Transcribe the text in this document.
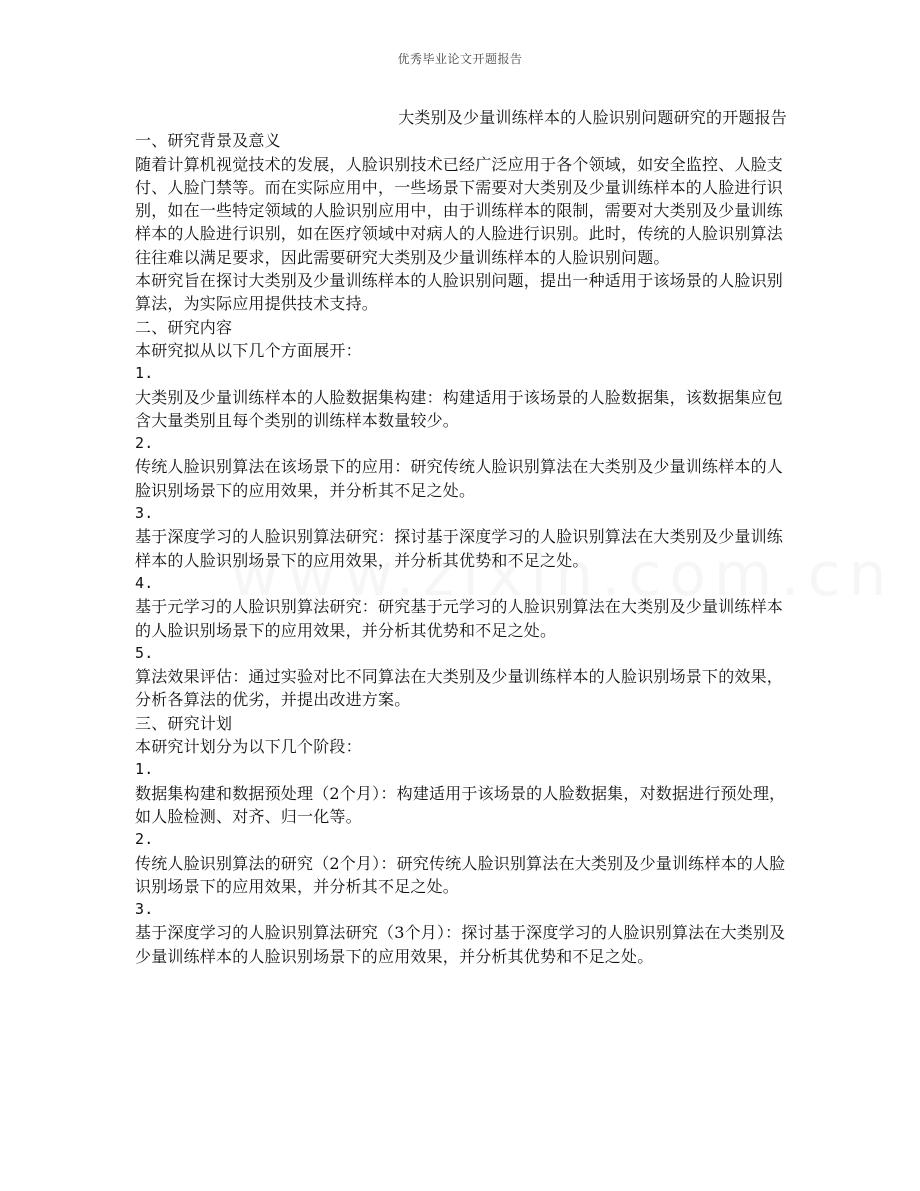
优秀毕业论文开题报告
大类别及少量训练样本的人脸识别问题研究的开题报告

一、研究背景及意义

随着计算机视觉技术的发展，人脸识别技术已经广泛应用于各个领域，如安全监控、人脸支付、人脸门禁等。而在实际应用中，一些场景下需要对大类别及少量训练样本的人脸进行识别，如在一些特定领域的人脸识别应用中，由于训练样本的限制，需要对大类别及少量训练样本的人脸进行识别，如在医疗领域中对病人的人脸进行识别。此时，传统的人脸识别算法往往难以满足要求，因此需要研究大类别及少量训练样本的人脸识别问题。

本研究旨在探讨大类别及少量训练样本的人脸识别问题，提出一种适用于该场景的人脸识别算法，为实际应用提供技术支持。

二、研究内容

本研究拟从以下几个方面展开：

1.

大类别及少量训练样本的人脸数据集构建：构建适用于该场景的人脸数据集，该数据集应包含大量类别且每个类别的训练样本数量较少。

2.

传统人脸识别算法在该场景下的应用：研究传统人脸识别算法在大类别及少量训练样本的人脸识别场景下的应用效果，并分析其不足之处。

3.

基于深度学习的人脸识别算法研究：探讨基于深度学习的人脸识别算法在大类别及少量训练样本的人脸识别场景下的应用效果，并分析其优势和不足之处。

4.

基于元学习的人脸识别算法研究：研究基于元学习的人脸识别算法在大类别及少量训练样本的人脸识别场景下的应用效果，并分析其优势和不足之处。

5.

算法效果评估：通过实验对比不同算法在大类别及少量训练样本的人脸识别场景下的效果，分析各算法的优劣，并提出改进方案。

三、研究计划

本研究计划分为以下几个阶段：

1.

数据集构建和数据预处理（2个月）：构建适用于该场景的人脸数据集，对数据进行预处理，如人脸检测、对齐、归一化等。

2.

传统人脸识别算法的研究（2个月）：研究传统人脸识别算法在大类别及少量训练样本的人脸识别场景下的应用效果，并分析其不足之处。

3.

基于深度学习的人脸识别算法研究（3个月）：探讨基于深度学习的人脸识别算法在大类别及少量训练样本的人脸识别场景下的应用效果，并分析其优势和不足之处。
